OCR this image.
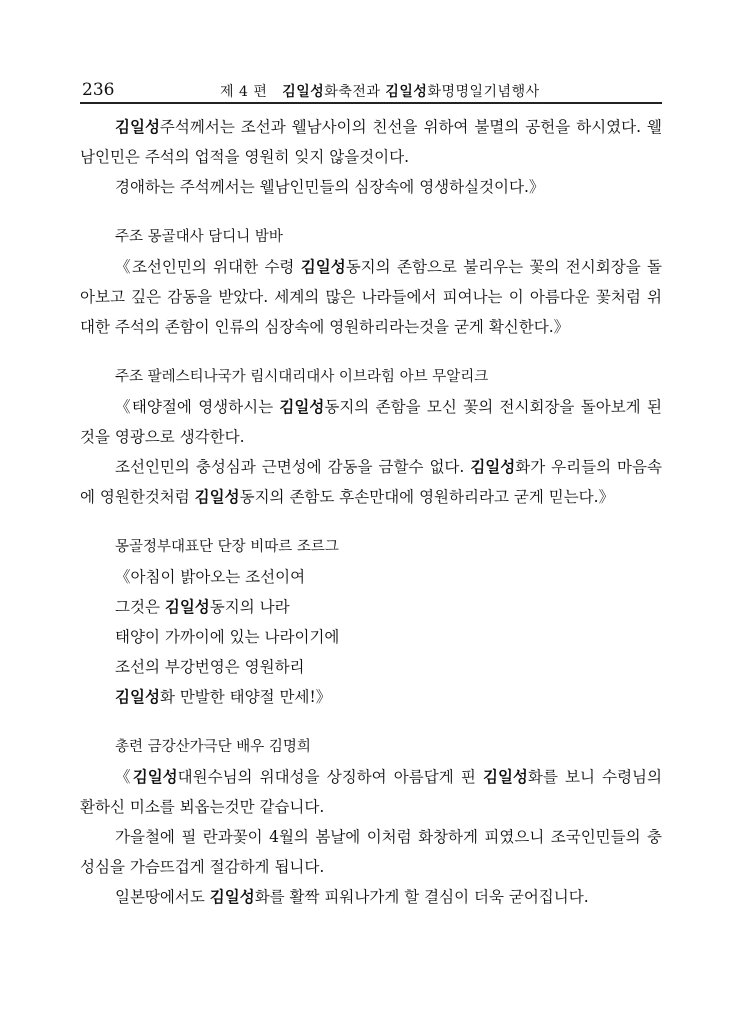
236	제 4 편 김일성화축전과 김일성화명명일기념행사

김일성주석께서는 조선과 웰남사이의 친선을 위하여 불멸의 공헌을 하시였다. 웰남인민은 주석의 업적을 영원히 잊지 않을것이다.

경애하는 주석께서는 웰남인민들의 심장속에 영생하실것이다.》

주조 몽골대사 담디니 밤바

《조선인민의 위대한 수령 김일성동지의 존함으로 불리우는 꽃의 전시회장을 돌아보고 깊은 감동을 받았다. 세계의 많은 나라들에서 피여나는 이 아름다운 꽃처럼 위대한 주석의 존함이 인류의 심장속에 영원하리라는것을 굳게 확신한다.》

주조 팔레스티나국가 림시대리대사 이브라힘 아브 무알리크

《태양절에 영생하시는 김일성동지의 존함을 모신 꽃의 전시회장을 돌아보게 된것을 영광으로 생각한다.

조선인민의 충성심과 근면성에 감동을 금할수 없다. 김일성화가 우리들의 마음속에 영원한것처럼 김일성동지의 존함도 후손만대에 영원하리라고 굳게 믿는다.》

몽골정부대표단 단장 비따르 조르그

《아침이 밝아오는 조선이여

그것은 김일성동지의 나라

태양이 가까이에 있는 나라이기에

조선의 부강번영은 영원하리

김일성화 만발한 태양절 만세!》

총련 금강산가극단 배우 김명희

《김일성대원수님의 위대성을 상징하여 아름답게 핀 김일성화를 보니 수령님의 환하신 미소를 뵈옵는것만 같습니다.

가을철에 필 란과꽃이 4월의 봄날에 이처럼 화창하게 피였으니 조국인민들의 충성심을 가슴뜨겁게 절감하게 됩니다.

일본땅에서도 김일성화를 활짝 피워나가게 할 결심이 더욱 굳어집니다.
